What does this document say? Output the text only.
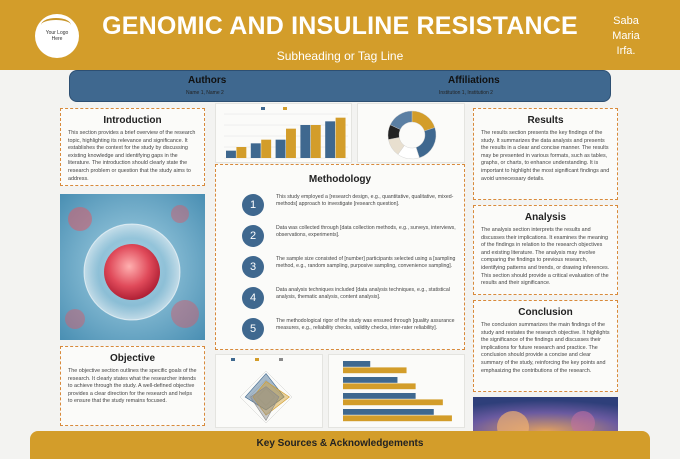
Your Logo
Here	GENOMIC AND INSULINE RESISTANCE
Subheading or Tag Line
Saba
Maria
Irfa.
Authors
Name 1, Name 2
Affiliations
Institution 1, Institution 2
Introduction

This section provides a brief overview of the research topic, highlighting its relevance and significance. It establishes the context for the study by discussing existing knowledge and identifying gaps in the literature. The introduction should clearly state the research problem or question that the study aims to address.

Objective

The objective section outlines the specific goals of the research. It clearly states what the researcher intends to achieve through the study. A well-defined objective provides a clear direction for the research and helps to ensure that the study remains focused.

Methodology
1
This study employed a [research design, e.g., quantitative, qualitative, mixed-methods] approach to investigate [research question].
2
Data was collected through [data collection methods, e.g., surveys, interviews, observations, experiments].
3
The sample size consisted of [number] participants selected using a [sampling method, e.g., random sampling, purposive sampling, convenience sampling].
4
Data analysis techniques included [data analysis techniques, e.g., statistical analysis, thematic analysis, content analysis].
5
The methodological rigor of the study was ensured through [quality assurance measures, e.g., reliability checks, validity checks, inter-rater reliability].
Results

The results section presents the key findings of the study. It summarizes the data analysis and presents the results in a clear and concise manner. The results may be presented in various formats, such as tables, graphs, or charts, to enhance understanding. It is important to highlight the most significant findings and avoid unnecessary details.

Analysis

The analysis section interprets the results and discusses their implications. It examines the meaning of the findings in relation to the research objectives and existing literature. The analysis may involve comparing the findings to previous research, identifying patterns and trends, or drawing inferences. This section should provide a critical evaluation of the results and their significance.

Conclusion

The conclusion summarizes the main findings of the study and restates the research objective. It highlights the significance of the findings and discusses their implications for future research and practice. The conclusion should provide a concise and clear summary of the study, reinforcing the key points and emphasizing the contributions of the research.

Key Sources & Acknowledgements
